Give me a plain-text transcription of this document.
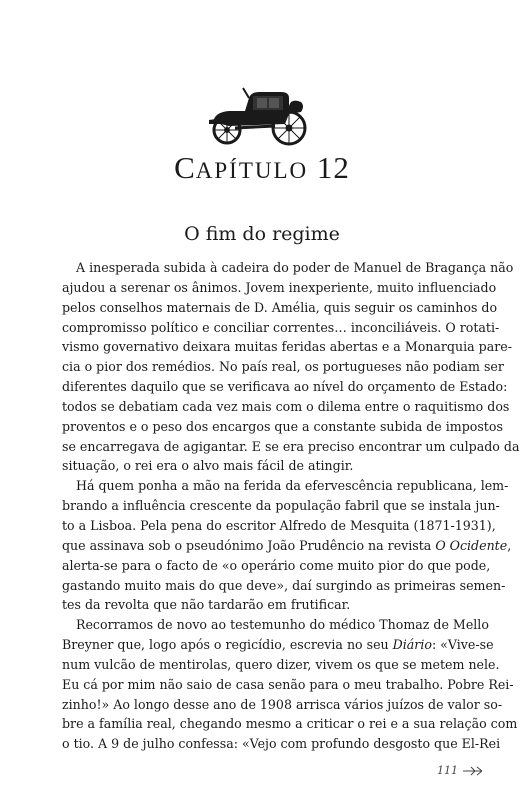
CAPÍTULO 12
O fim do regime
A inesperada subida à cadeira do poder de Manuel de Bragança não
ajudou a serenar os ânimos. Jovem inexperiente, muito influenciado
pelos conselhos maternais de D. Amélia, quis seguir os caminhos do
compromisso político e conciliar correntes… inconciliáveis. O rotati-
vismo governativo deixara muitas feridas abertas e a Monarquia pare-
cia o pior dos remédios. No país real, os portugueses não podiam ser
diferentes daquilo que se verificava ao nível do orçamento de Estado:
todos se debatiam cada vez mais com o dilema entre o raquitismo dos
proventos e o peso dos encargos que a constante subida de impostos
se encarregava de agigantar. E se era preciso encontrar um culpado da
situação, o rei era o alvo mais fácil de atingir.
Há quem ponha a mão na ferida da efervescência republicana, lem-
brando a influência crescente da população fabril que se instala jun-
to a Lisboa. Pela pena do escritor Alfredo de Mesquita (1871-1931),
que assinava sob o pseudónimo João Prudêncio na revista O Ocidente,
alerta-se para o facto de «o operário come muito pior do que pode,
gastando muito mais do que deve», daí surgindo as primeiras semen-
tes da revolta que não tardarão em frutificar.
Recorramos de novo ao testemunho do médico Thomaz de Mello
Breyner que, logo após o regicídio, escrevia no seu Diário: «Vive-se
num vulcão de mentirolas, quero dizer, vivem os que se metem nele.
Eu cá por mim não saio de casa senão para o meu trabalho. Pobre Rei-
zinho!» Ao longo desse ano de 1908 arrisca vários juízos de valor so-
bre a família real, chegando mesmo a criticar o rei e a sua relação com
o tio. A 9 de julho confessa: «Vejo com profundo desgosto que El-Rei
111
